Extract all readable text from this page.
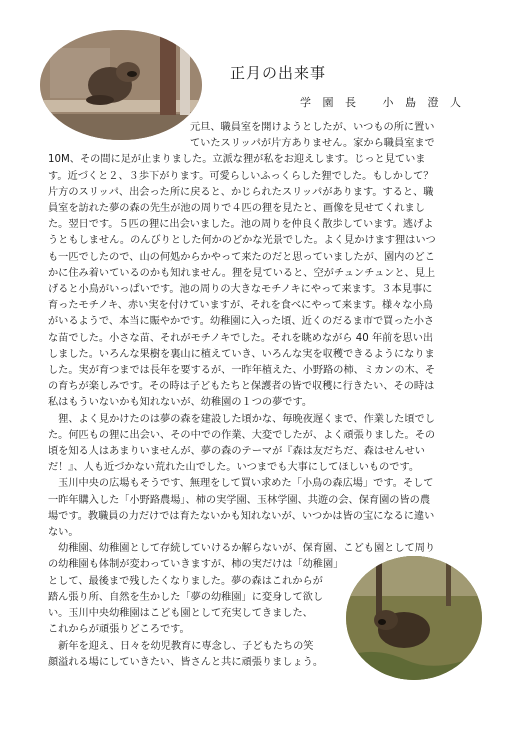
正月の出来事
学 園 長　 小 島 澄 人
元旦、職員室を開けようとしたが、いつもの所に置い
ていたスリッパが片方ありません。家から職員室まで
10M、その間に足が止まりました。立派な狸が私をお迎えします。じっと見ていま
す。近づくと２、３歩下がります。可愛らしいふっくらした狸でした。もしかして？
片方のスリッパ、出会った所に戻ると、かじられたスリッパがあります。すると、職
員室を訪れた夢の森の先生が池の周りで４匹の狸を見たと、画像を見せてくれまし
た。翌日です。５匹の狸に出会いました。池の周りを仲良く散歩しています。逃げよ
うともしません。のんびりとした何かのどかな光景でした。よく見かけます狸はいつ
も一匹でしたので、山の何処からかやって来たのだと思っていましたが、園内のどこ
かに住み着いているのかも知れません。狸を見ていると、空がチュンチュンと、見上
げると小鳥がいっぱいです。池の周りの大きなモチノキにやって来ます。３本見事に
育ったモチノキ、赤い実を付けていますが、それを食べにやって来ます。様々な小鳥
がいるようで、本当に賑やかです。幼稚園に入った頃、近くのだるま市で買った小さ
な苗でした。小さな苗、それがモチノキでした。それを眺めながら 40 年前を思い出
しました。いろんな果樹を裏山に植えていき、いろんな実を収穫できるようになりま
した。実が育つまでは長年を要するが、一昨年植えた、小野路の柿、ミカンの木、そ
の育ちが楽しみです。その時は子どもたちと保護者の皆で収穫に行きたい、その時は
私はもういないかも知れないが、幼稚園の１つの夢です。
　狸、よく見かけたのは夢の森を建設した頃かな、毎晩夜遅くまで、作業した頃でし
た。何匹もの狸に出会い、その中での作業、大変でしたが、よく頑張りました。その
頃を知る人はあまりいませんが、夢の森のテーマが『森は友だちだ、森はせんせい
だ！』、人も近づかない荒れた山でした。いつまでも大事にしてほしいものです。
　玉川中央の広場もそうです、無理をして買い求めた「小鳥の森広場」です。そして
一昨年購入した「小野路農場」、柿の実学園、玉林学園、共遊の会、保育園の皆の農
場です。教職員の力だけでは育たないかも知れないが、いつかは皆の宝になるに違い
ない。
　幼稚園、幼稚園として存続していけるか解らないが、保育園、こども園として周り
の幼稚園も体制が変わっていきますが、柿の実だけは「幼稚園」
として、最後まで残したくなりました。夢の森はこれからが
踏ん張り所、自然を生かした「夢の幼稚園」に変身して欲し
い。玉川中央幼稚園はこども園として充実してきました、
これからが頑張りどころです。
　新年を迎え、日々を幼児教育に専念し、子どもたちの笑
顔溢れる場にしていきたい、皆さんと共に頑張りましょう。
